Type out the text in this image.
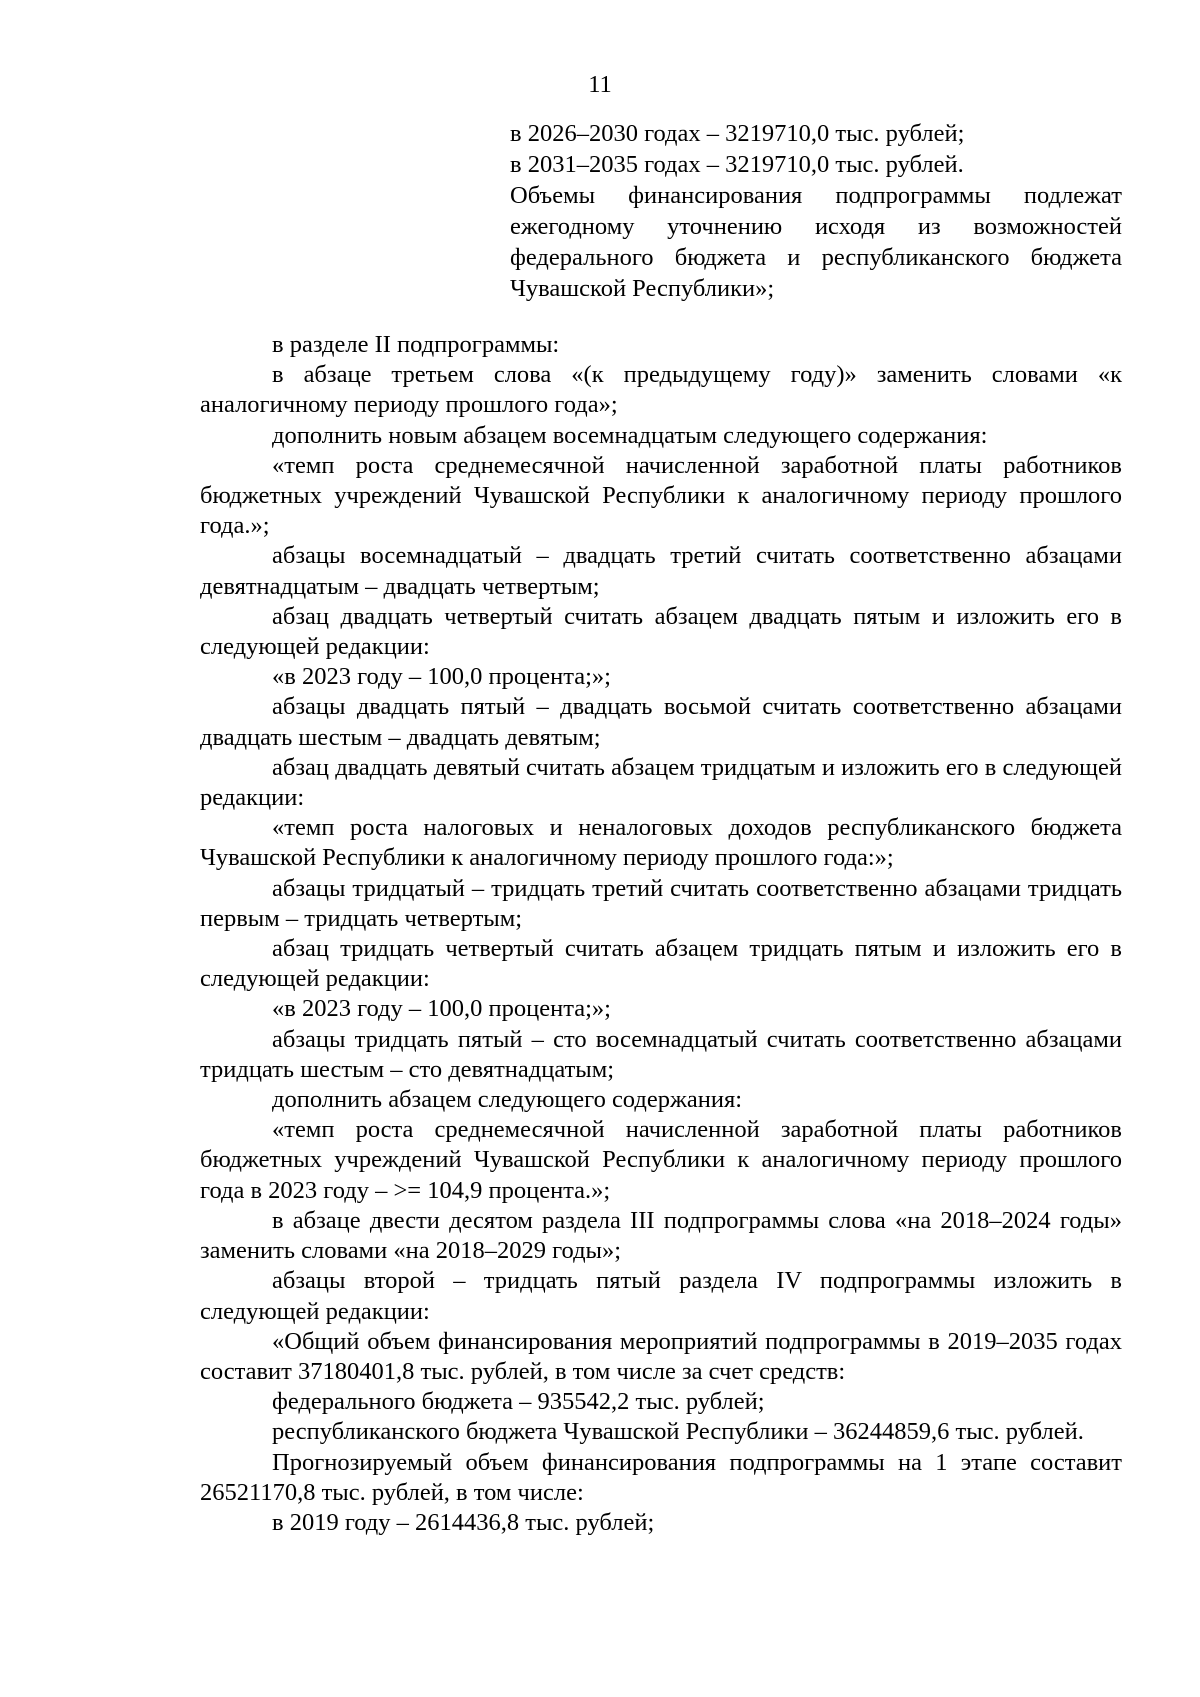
11

в 2026–2030 годах – 3219710,0 тыс. рублей;

в 2031–2035 годах – 3219710,0 тыс. рублей.

Объемы финансирования подпрограммы подлежат ежегодному уточнению исходя из возможностей федерального бюджета и республиканского бюджета Чувашской Республики»;

в разделе II подпрограммы:

в абзаце третьем слова «(к предыдущему году)» заменить словами «к аналогичному периоду прошлого года»;

дополнить новым абзацем восемнадцатым следующего содержания:

«темп роста среднемесячной начисленной заработной платы работников бюджетных учреждений Чувашской Республики к аналогичному периоду прошлого года.»;

абзацы восемнадцатый – двадцать третий считать соответственно абзацами девятнадцатым – двадцать четвертым;

абзац двадцать четвертый считать абзацем двадцать пятым и изложить его в следующей редакции:

«в 2023 году – 100,0 процента;»;

абзацы двадцать пятый – двадцать восьмой считать соответственно абзацами двадцать шестым – двадцать девятым;

абзац двадцать девятый считать абзацем тридцатым и изложить его в следующей редакции:

«темп роста налоговых и неналоговых доходов республиканского бюджета Чувашской Республики к аналогичному периоду прошлого года:»;

абзацы тридцатый – тридцать третий считать соответственно абзацами тридцать первым – тридцать четвертым;

абзац тридцать четвертый считать абзацем тридцать пятым и изложить его в следующей редакции:

«в 2023 году – 100,0 процента;»;

абзацы тридцать пятый – сто восемнадцатый считать соответственно абзацами тридцать шестым – сто девятнадцатым;

дополнить абзацем следующего содержания:

«темп роста среднемесячной начисленной заработной платы работников бюджетных учреждений Чувашской Республики к аналогичному периоду прошлого года в 2023 году – >= 104,9 процента.»;

в абзаце двести десятом раздела III подпрограммы слова «на 2018–2024 годы» заменить словами «на 2018–2029 годы»;

абзацы второй – тридцать пятый раздела IV подпрограммы изложить в следующей редакции:

«Общий объем финансирования мероприятий подпрограммы в 2019–2035 годах составит 37180401,8 тыс. рублей, в том числе за счет средств:

федерального бюджета – 935542,2 тыс. рублей;

республиканского бюджета Чувашской Республики – 36244859,6 тыс. рублей.

Прогнозируемый объем финансирования подпрограммы на 1 этапе составит 26521170,8 тыс. рублей, в том числе:

в 2019 году – 2614436,8 тыс. рублей;
